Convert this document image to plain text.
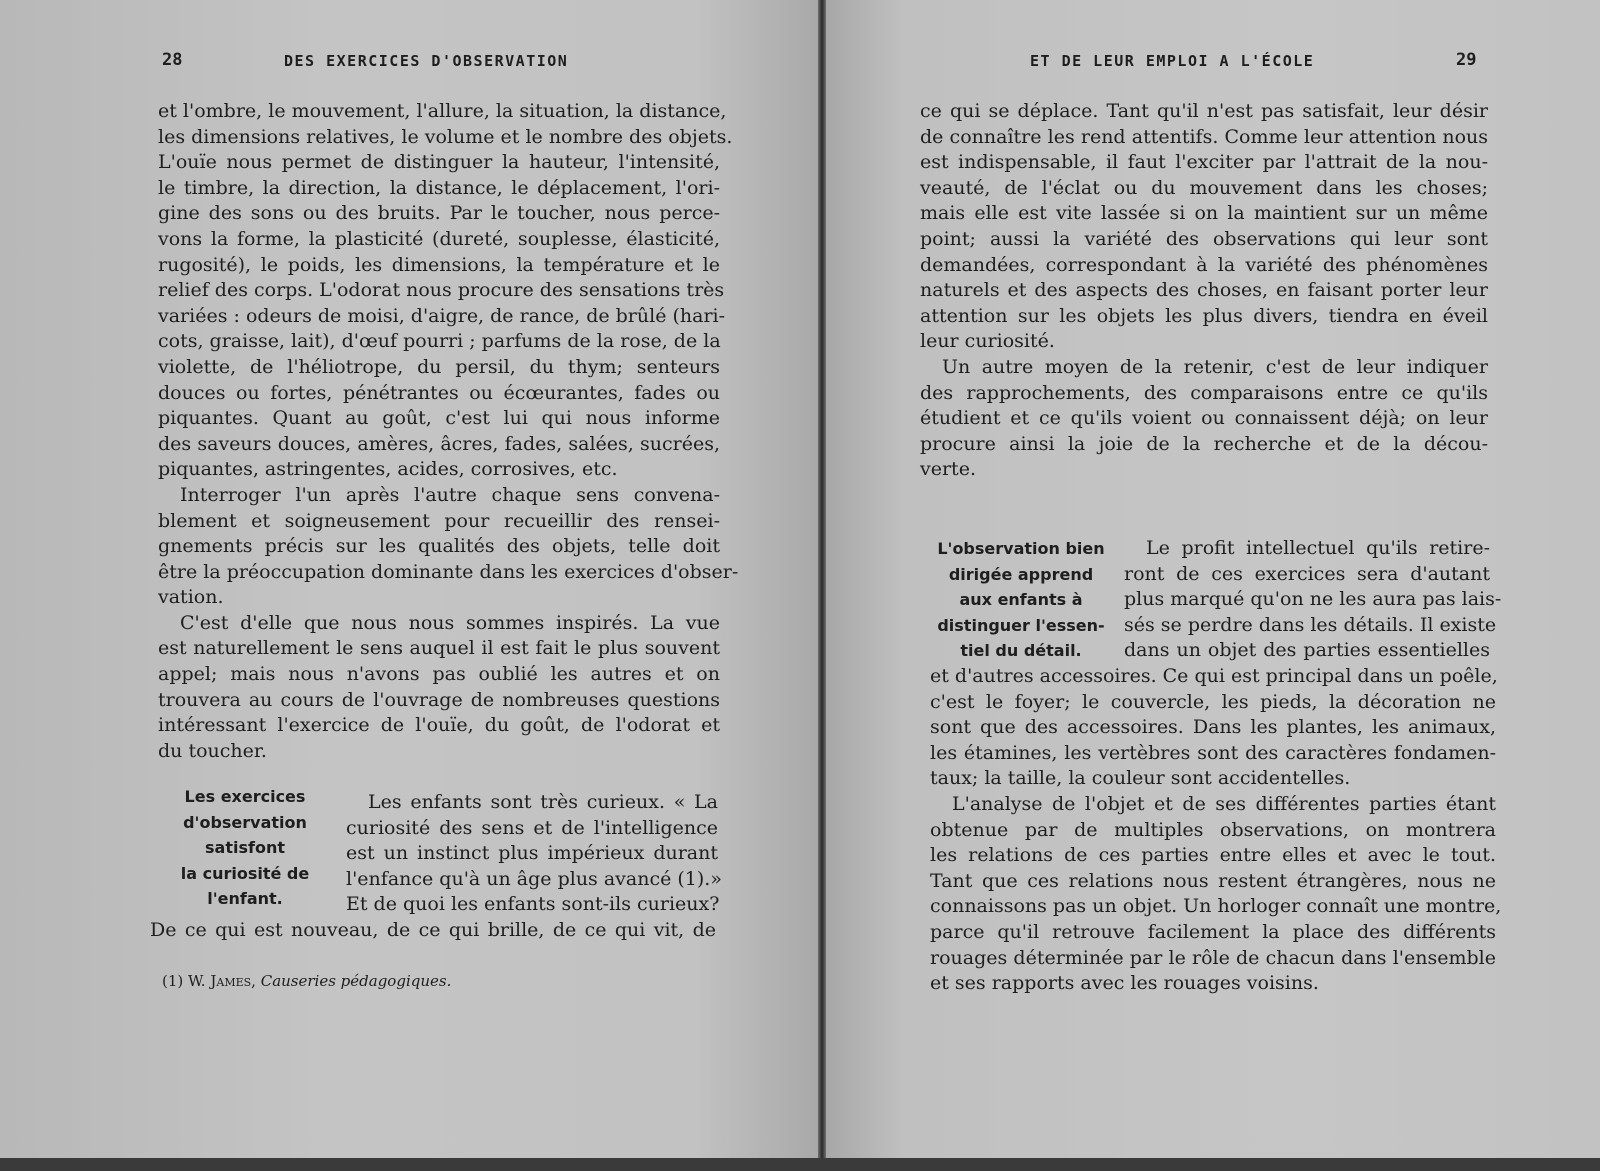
28	DES EXERCICES D'OBSERVATION
et l'ombre, le mouvement, l'allure, la situation, la distance,
les dimensions relatives, le volume et le nombre des objets.
L'ouïe nous permet de distinguer la hauteur, l'intensité,
le timbre, la direction, la distance, le déplacement, l'ori-
gine des sons ou des bruits. Par le toucher, nous perce-
vons la forme, la plasticité (dureté, souplesse, élasticité,
rugosité), le poids, les dimensions, la température et le
relief des corps. L'odorat nous procure des sensations très
variées : odeurs de moisi, d'aigre, de rance, de brûlé (hari-
cots, graisse, lait), d'œuf pourri ; parfums de la rose, de la
violette, de l'héliotrope, du persil, du thym; senteurs
douces ou fortes, pénétrantes ou écœurantes, fades ou
piquantes. Quant au goût, c'est lui qui nous informe
des saveurs douces, amères, âcres, fades, salées, sucrées,
piquantes, astringentes, acides, corrosives, etc.
Interroger l'un après l'autre chaque sens convena-
blement et soigneusement pour recueillir des rensei-
gnements précis sur les qualités des objets, telle doit
être la préoccupation dominante dans les exercices d'obser-
vation.
C'est d'elle que nous nous sommes inspirés. La vue
est naturellement le sens auquel il est fait le plus souvent
appel; mais nous n'avons pas oublié les autres et on
trouvera au cours de l'ouvrage de nombreuses questions
intéressant l'exercice de l'ouïe, du goût, de l'odorat et
du toucher.
Les exercices
d'observation
satisfont
la curiosité de
l'enfant.
Les enfants sont très curieux. « La
curiosité des sens et de l'intelligence
est un instinct plus impérieux durant
l'enfance qu'à un âge plus avancé (1).»
Et de quoi les enfants sont-ils curieux?
De ce qui est nouveau, de ce qui brille, de ce qui vit, de
(1) W. James, Causeries pédagogiques.
ET DE LEUR EMPLOI A L'ÉCOLE	29
ce qui se déplace. Tant qu'il n'est pas satisfait, leur désir
de connaître les rend attentifs. Comme leur attention nous
est indispensable, il faut l'exciter par l'attrait de la nou-
veauté, de l'éclat ou du mouvement dans les choses;
mais elle est vite lassée si on la maintient sur un même
point; aussi la variété des observations qui leur sont
demandées, correspondant à la variété des phénomènes
naturels et des aspects des choses, en faisant porter leur
attention sur les objets les plus divers, tiendra en éveil
leur curiosité.
Un autre moyen de la retenir, c'est de leur indiquer
des rapprochements, des comparaisons entre ce qu'ils
étudient et ce qu'ils voient ou connaissent déjà; on leur
procure ainsi la joie de la recherche et de la décou-
verte.
L'observation bien
dirigée apprend
aux enfants à
distinguer l'essen-
tiel du détail.
Le profit intellectuel qu'ils retire-
ront de ces exercices sera d'autant
plus marqué qu'on ne les aura pas lais-
sés se perdre dans les détails. Il existe
dans un objet des parties essentielles
et d'autres accessoires. Ce qui est principal dans un poêle,
c'est le foyer; le couvercle, les pieds, la décoration ne
sont que des accessoires. Dans les plantes, les animaux,
les étamines, les vertèbres sont des caractères fondamen-
taux; la taille, la couleur sont accidentelles.
L'analyse de l'objet et de ses différentes parties étant
obtenue par de multiples observations, on montrera
les relations de ces parties entre elles et avec le tout.
Tant que ces relations nous restent étrangères, nous ne
connaissons pas un objet. Un horloger connaît une montre,
parce qu'il retrouve facilement la place des différents
rouages déterminée par le rôle de chacun dans l'ensemble
et ses rapports avec les rouages voisins.
